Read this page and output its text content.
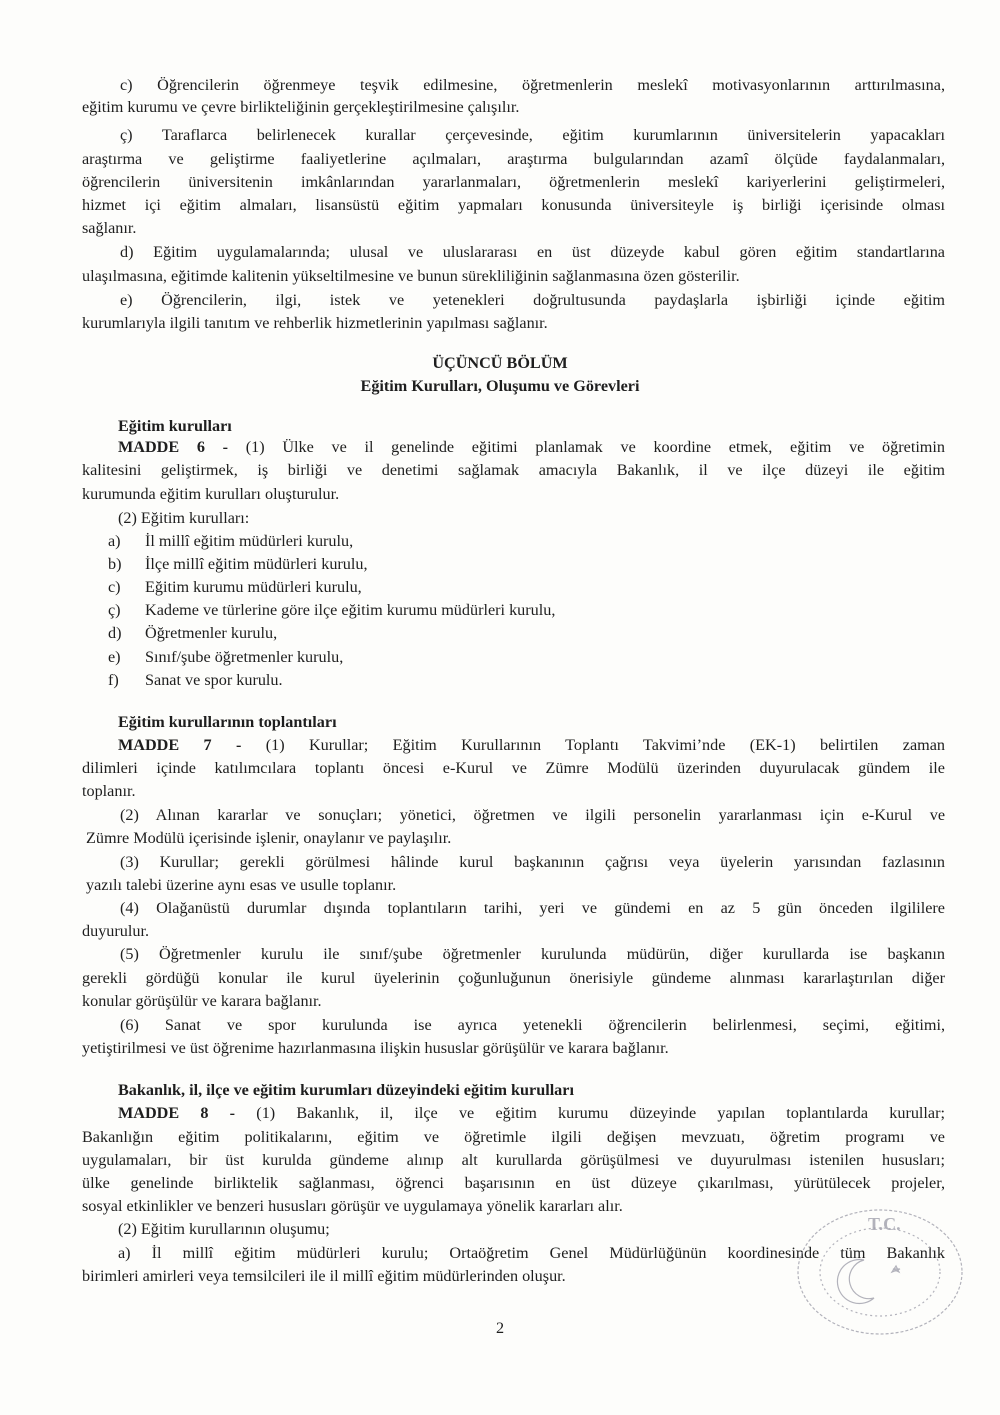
c) Öğrencilerin öğrenmeye teşvik edilmesine, öğretmenlerin meslekî motivasyonlarının arttırılmasına,
eğitim kurumu ve çevre birlikteliğinin gerçekleştirilmesine çalışılır.
ç) Taraflarca belirlenecek kurallar çerçevesinde, eğitim kurumlarının üniversitelerin yapacakları
araştırma ve geliştirme faaliyetlerine açılmaları, araştırma bulgularından azamî ölçüde faydalanmaları,
öğrencilerin üniversitenin imkânlarından yararlanmaları, öğretmenlerin meslekî kariyerlerini geliştirmeleri,
hizmet içi eğitim almaları, lisansüstü eğitim yapmaları konusunda üniversiteyle iş birliği içerisinde olması
sağlanır.
d) Eğitim uygulamalarında; ulusal ve uluslararası en üst düzeyde kabul gören eğitim standartlarına
ulaşılmasına, eğitimde kalitenin yükseltilmesine ve bunun sürekliliğinin sağlanmasına özen gösterilir.
e) Öğrencilerin, ilgi, istek ve yetenekleri doğrultusunda paydaşlarla işbirliği içinde eğitim
kurumlarıyla ilgili tanıtım ve rehberlik hizmetlerinin yapılması sağlanır.
ÜÇÜNCÜ BÖLÜM
Eğitim Kurulları, Oluşumu ve Görevleri
Eğitim kurulları
MADDE 6 - (1) Ülke ve il genelinde eğitimi planlamak ve koordine etmek, eğitim ve öğretimin
kalitesini geliştirmek, iş birliği ve denetimi sağlamak amacıyla Bakanlık, il ve ilçe düzeyi ile eğitim
kurumunda eğitim kurulları oluşturulur.
(2) Eğitim kurulları:
a) İl millî eğitim müdürleri kurulu,
b) İlçe millî eğitim müdürleri kurulu,
c) Eğitim kurumu müdürleri kurulu,
ç) Kademe ve türlerine göre ilçe eğitim kurumu müdürleri kurulu,
d) Öğretmenler kurulu,
e) Sınıf/şube öğretmenler kurulu,
f) Sanat ve spor kurulu.
Eğitim kurullarının toplantıları
MADDE 7 - (1) Kurullar; Eğitim Kurullarının Toplantı Takvimi’nde (EK-1) belirtilen zaman
dilimleri içinde katılımcılara toplantı öncesi e-Kurul ve Zümre Modülü üzerinden duyurulacak gündem ile
toplanır.
(2) Alınan kararlar ve sonuçları; yönetici, öğretmen ve ilgili personelin yararlanması için e-Kurul ve
Zümre Modülü içerisinde işlenir, onaylanır ve paylaşılır.
(3) Kurullar; gerekli görülmesi hâlinde kurul başkanının çağrısı veya üyelerin yarısından fazlasının
yazılı talebi üzerine aynı esas ve usulle toplanır.
(4) Olağanüstü durumlar dışında toplantıların tarihi, yeri ve gündemi en az 5 gün önceden ilgililere
duyurulur.
(5) Öğretmenler kurulu ile sınıf/şube öğretmenler kurulunda müdürün, diğer kurullarda ise başkanın
gerekli gördüğü konular ile kurul üyelerinin çoğunluğunun önerisiyle gündeme alınması kararlaştırılan diğer
konular görüşülür ve karara bağlanır.
(6) Sanat ve spor kurulunda ise ayrıca yetenekli öğrencilerin belirlenmesi, seçimi, eğitimi,
yetiştirilmesi ve üst öğrenime hazırlanmasına ilişkin hususlar görüşülür ve karara bağlanır.
Bakanlık, il, ilçe ve eğitim kurumları düzeyindeki eğitim kurulları
MADDE 8 - (1) Bakanlık, il, ilçe ve eğitim kurumu düzeyinde yapılan toplantılarda kurullar;
Bakanlığın eğitim politikalarını, eğitim ve öğretimle ilgili değişen mevzuatı, öğretim programı ve
uygulamaları, bir üst kurulda gündeme alınıp alt kurullarda görüşülmesi ve duyurulması istenilen hususları;
ülke genelinde birliktelik sağlanması, öğrenci başarısının en üst düzeye çıkarılması, yürütülecek projeler,
sosyal etkinlikler ve benzeri hususları görüşür ve uygulamaya yönelik kararları alır.
(2) Eğitim kurullarının oluşumu;
a) İl millî eğitim müdürleri kurulu; Ortaöğretim Genel Müdürlüğünün koordinesinde tüm Bakanlık
birimleri amirleri veya temsilcileri ile il millî eğitim müdürlerinden oluşur.
2
T.C.
